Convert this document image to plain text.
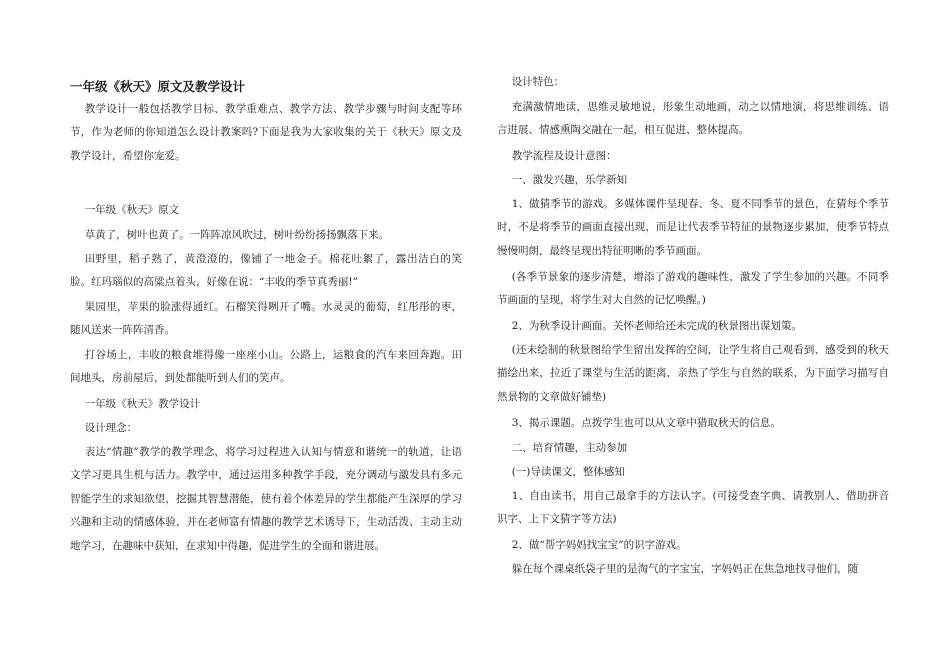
一年级《秋天》原文及教学设计
教学设计一般包括教学目标、教学重难点、教学方法、教学步骤与时间支配等环节，作为老师的你知道怎么设计教案吗?下面是我为大家收集的关于《秋天》原文及教学设计，希望你宠爱。
一年级《秋天》原文
草黄了，树叶也黄了。一阵阵凉风吹过，树叶纷纷扬扬飘落下来。
田野里，稻子熟了，黄澄澄的，像铺了一地金子。棉花吐絮了，露出洁白的笑脸。红玛瑙似的高粱点着头，好像在说：“丰收的季节真秀丽!”
果园里，苹果的脸涨得通红。石榴笑得咧开了嘴。水灵灵的葡萄，红彤彤的枣，随风送来一阵阵清香。
打谷场上，丰收的粮食堆得像一座座小山。公路上，运粮食的汽车来回奔跑。田间地头，房前屋后，到处都能听到人们的笑声。
一年级《秋天》教学设计
设计理念：
表达“情趣”教学的教学理念，将学习过程进入认知与情意和谐统一的轨道，让语文学习更具生机与活力。教学中，通过运用多种教学手段，充分调动与激发具有多元智能学生的求知欲望，挖掘其智慧潜能，使有着个体差异的学生都能产生深厚的学习兴趣和主动的情感体验，并在老师富有情趣的教学艺术诱导下，生动活泼、主动主动地学习，在趣味中获知，在求知中得趣，促进学生的全面和谐进展。
设计特色：
充满激情地读，思维灵敏地说，形象生动地画，动之以情地演，将思维训练、语言进展、情感熏陶交融在一起，相互促进、整体提高。
教学流程及设计意图：
一、激发兴趣，乐学新知
1、做猜季节的游戏。多媒体课件呈现春、冬、夏不同季节的景色，在猜每个季节时，不是将季节的画面直接出现，而是让代表季节特征的景物逐步累加，使季节特点慢慢明朗，最终呈现出特征明晰的季节画面。
(各季节景象的逐步清楚，增添了游戏的趣味性，激发了学生参加的兴趣。不同季节画面的呈现，将学生对大自然的记忆唤醒。)
2、为秋季设计画面。关怀老师给还未完成的秋景图出谋划策。
(还未绘制的秋景图给学生留出发挥的空间，让学生将自己观看到、感受到的秋天描绘出来，拉近了课堂与生活的距离，亲热了学生与自然的联系，为下面学习描写自然景物的文章做好铺垫)
3、揭示课题。点拨学生也可以从文章中猎取秋天的信息。
二、培育情趣，主动参加
(一)导读课文，整体感知
1、自由读书，用自己最拿手的方法认字。(可接受查字典、请教别人、借助拼音识字、上下文猜字等方法)
2、做“帮字妈妈找宝宝”的识字游戏。
躲在每个课桌纸袋子里的是淘气的字宝宝，字妈妈正在焦急地找寻他们，随
